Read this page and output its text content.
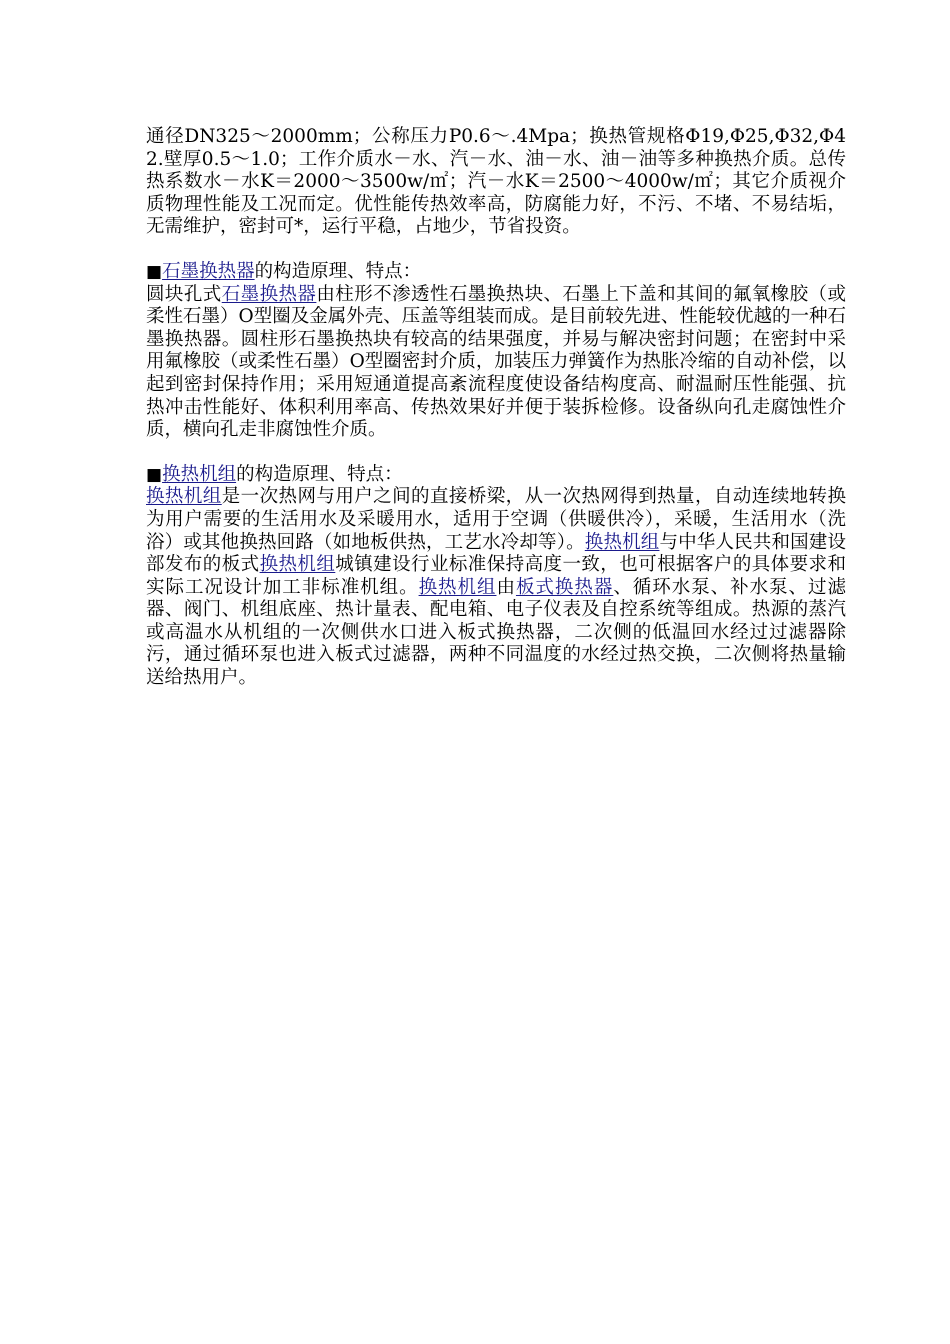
通径DN325～2000mm；公称压力P0.6～.4Mpa；换热管规格Φ19,Φ25,Φ32,Φ42.壁厚0.5～1.0；工作介质水－水、汽－水、油－水、油－油等多种换热介质。总传热系数水－水K＝2000～3500w/㎡；汽－水K＝2500～4000w/㎡；其它介质视介质物理性能及工况而定。优性能传热效率高，防腐能力好，不污、不堵、不易结垢，无需维护，密封可*，运行平稳，占地少，节省投资。

■石墨换热器的构造原理、特点：

圆块孔式石墨换热器由柱形不渗透性石墨换热块、石墨上下盖和其间的氟氧橡胶（或柔性石墨）O型圈及金属外壳、压盖等组装而成。是目前较先进、性能较优越的一种石墨换热器。圆柱形石墨换热块有较高的结果强度，并易与解决密封问题；在密封中采用氟橡胶（或柔性石墨）O型圈密封介质，加装压力弹簧作为热胀冷缩的自动补偿，以起到密封保持作用；采用短通道提高紊流程度使设备结构度高、耐温耐压性能强、抗热冲击性能好、体积利用率高、传热效果好并便于装拆检修。设备纵向孔走腐蚀性介质，横向孔走非腐蚀性介质。

■换热机组的构造原理、特点：

换热机组是一次热网与用户之间的直接桥梁，从一次热网得到热量，自动连续地转换为用户需要的生活用水及采暖用水，适用于空调（供暖供冷），采暖，生活用水（洗浴）或其他换热回路（如地板供热，工艺水冷却等）。换热机组与中华人民共和国建设部发布的板式换热机组城镇建设行业标准保持高度一致，也可根据客户的具体要求和实际工况设计加工非标准机组。换热机组由板式换热器、循环水泵、补水泵、过滤器、阀门、机组底座、热计量表、配电箱、电子仪表及自控系统等组成。热源的蒸汽或高温水从机组的一次侧供水口进入板式换热器，二次侧的低温回水经过过滤器除污，通过循环泵也进入板式过滤器，两种不同温度的水经过热交换，二次侧将热量输送给热用户。
